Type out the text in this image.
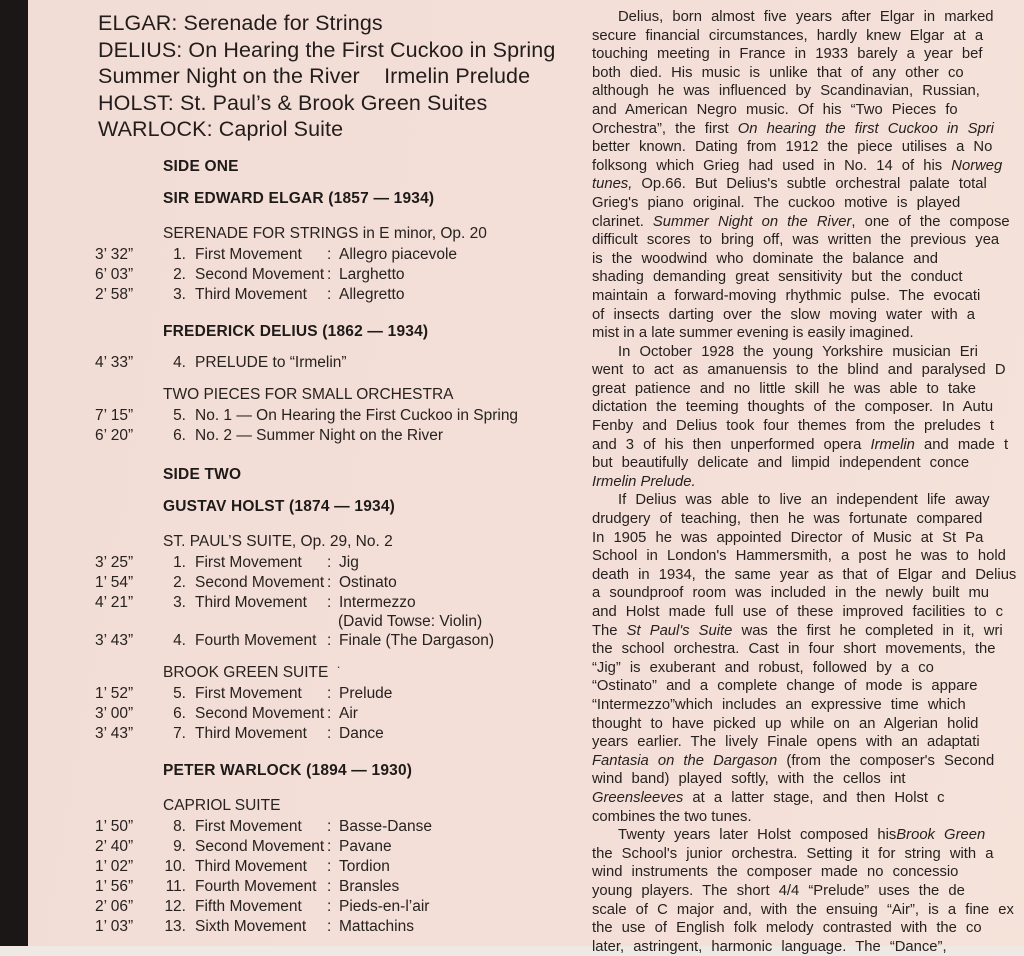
ELGAR: Serenade for Strings
DELIUS: On Hearing the First Cuckoo in Spring
Summer Night on the River    Irmelin Prelude
HOLST: St. Paul’s & Brook Green Suites
WARLOCK: Capriol Suite
SIDE ONE
SIR EDWARD ELGAR (1857 — 1934)
SERENADE FOR STRINGS in E minor, Op. 20
3’ 32”	1. First Movement	: Allegro piacevole
6’ 03”	2. Second Movement : Larghetto
2’ 58”	3. Third Movement	: Allegretto
FREDERICK DELIUS (1862 — 1934)
4’ 33”	4. PRELUDE to “Irmelin”
TWO PIECES FOR SMALL ORCHESTRA
7’ 15”	5. No. 1 — On Hearing the First Cuckoo in Spring
6’ 20”	6. No. 2 — Summer Night on the River
SIDE TWO
GUSTAV HOLST (1874 — 1934)
ST. PAUL’S SUITE, Op. 29, No. 2
3’ 25”	1. First Movement	: Jig
1’ 54”	2. Second Movement : Ostinato
4’ 21”	3. Third Movement	: Intermezzo
(David Towse: Violin)
3’ 43”	4. Fourth Movement : Finale (The Dargason)
BROOK GREEN SUITE ·
1’ 52”	5. First Movement	: Prelude
3’ 00”	6. Second Movement : Air
3’ 43”	7. Third Movement	: Dance
PETER WARLOCK (1894 — 1930)
CAPRIOL SUITE
1’ 50”	8. First Movement	: Basse-Danse
2’ 40”	9. Second Movement : Pavane
1’ 02”	10. Third Movement	: Tordion
1’ 56”	11. Fourth Movement : Bransles
2’ 06”	12. Fifth Movement	: Pieds-en-l’air
1’ 03”	13. Sixth Movement	: Mattachins
Delius, born almost five years after Elgar in marked
secure financial circumstances, hardly knew Elgar at a
touching meeting in France in 1933 barely a year bef
both died. His music is unlike that of any other co
although he was influenced by Scandinavian, Russian,
and American Negro music. Of his “Two Pieces fo
Orchestra”, the first On hearing the first Cuckoo in Spri
better known. Dating from 1912 the piece utilises a No
folksong which Grieg had used in No. 14 of his Norweg
tunes, Op.66. But Delius's subtle orchestral palate total
Grieg's piano original. The cuckoo motive is played
clarinet. Summer Night on the River, one of the compose
difficult scores to bring off, was written the previous yea
is the woodwind who dominate the balance and
shading demanding great sensitivity but the conduct
maintain a forward-moving rhythmic pulse. The evocati
of insects darting over the slow moving water with a
mist in a late summer evening is easily imagined.
In October 1928 the young Yorkshire musician Eri
went to act as amanuensis to the blind and paralysed D
great patience and no little skill he was able to take
dictation the teeming thoughts of the composer. In Autu
Fenby and Delius took four themes from the preludes t
and 3 of his then unperformed opera Irmelin and made t
but beautifully delicate and limpid independent conce
Irmelin Prelude.
If Delius was able to live an independent life away
drudgery of teaching, then he was fortunate compared
In 1905 he was appointed Director of Music at St Pa
School in London's Hammersmith, a post he was to hold
death in 1934, the same year as that of Elgar and Delius
a soundproof room was included in the newly built mu
and Holst made full use of these improved facilities to c
The St Paul's Suite was the first he completed in it, wri
the school orchestra. Cast in four short movements, the
“Jig” is exuberant and robust, followed by a co
“Ostinato” and a complete change of mode is appare
“Intermezzo”which includes an expressive time which
thought to have picked up while on an Algerian holid
years earlier. The lively Finale opens with an adaptati
Fantasia on the Dargason (from the composer's Second
wind band) played softly, with the cellos int
Greensleeves at a latter stage, and then Holst c
combines the two tunes.
Twenty years later Holst composed hisBrook Green
the School's junior orchestra. Setting it for string with a
wind instruments the composer made no concessio
young players. The short 4/4 “Prelude” uses the de
scale of C major and, with the ensuing “Air”, is a fine ex
the use of English folk melody contrasted with the co
later, astringent, harmonic language. The “Dance”,
